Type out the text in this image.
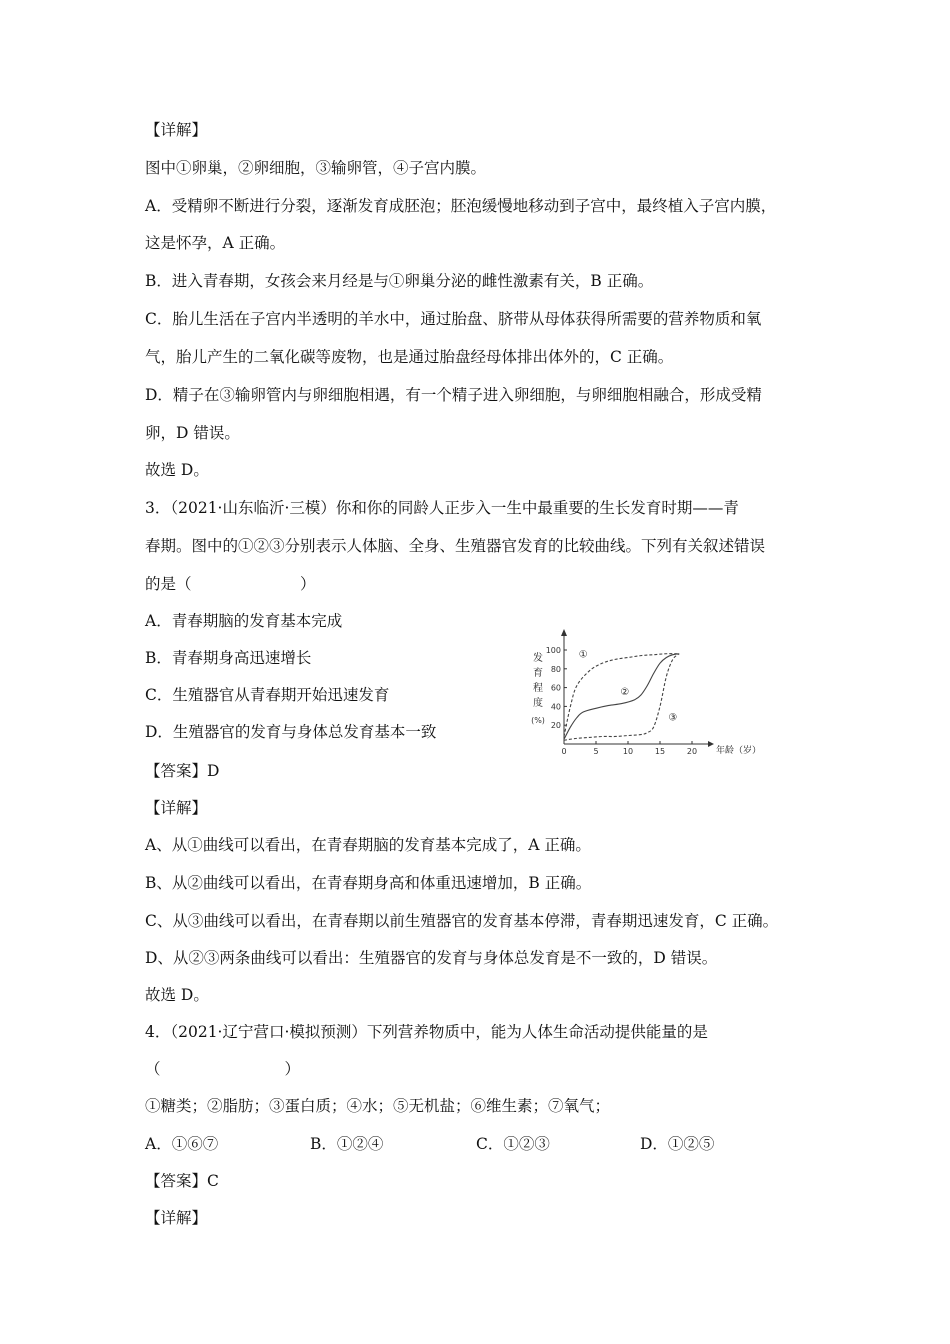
【详解】
图中①卵巢，②卵细胞，③输卵管，④子宫内膜。
A．受精卵不断进行分裂，逐渐发育成胚泡；胚泡缓慢地移动到子宫中，最终植入子宫内膜，
这是怀孕，A 正确。
B．进入青春期，女孩会来月经是与①卵巢分泌的雌性激素有关，B 正确。
C．胎儿生活在子宫内半透明的羊水中，通过胎盘、脐带从母体获得所需要的营养物质和氧
气，胎儿产生的二氧化碳等废物，也是通过胎盘经母体排出体外的，C 正确。
D．精子在③输卵管内与卵细胞相遇，有一个精子进入卵细胞，与卵细胞相融合，形成受精
卵，D 错误。
故选 D。
3．（2021·山东临沂·三模）你和你的同龄人正步入一生中最重要的生长发育时期——青
春期。图中的①②③分别表示人体脑、全身、生殖器官发育的比较曲线。下列有关叙述错误
的是（　　　　　　　）
A．青春期脑的发育基本完成
B．青春期身高迅速增长
C．生殖器官从青春期开始迅速发育
D．生殖器官的发育与身体总发育基本一致
0	5	10	15	20
20
40
60
80
100
发
育
程
度
(%)
年龄（岁）
①
②
③
【答案】D
【详解】
A、从①曲线可以看出，在青春期脑的发育基本完成了，A 正确。
B、从②曲线可以看出，在青春期身高和体重迅速增加，B 正确。
C、从③曲线可以看出，在青春期以前生殖器官的发育基本停滞，青春期迅速发育，C 正确。
D、从②③两条曲线可以看出：生殖器官的发育与身体总发育是不一致的，D 错误。
故选 D。
4．（2021·辽宁营口·模拟预测）下列营养物质中，能为人体生命活动提供能量的是
（　　　　　　　　）
①糖类；②脂肪；③蛋白质；④水；⑤无机盐；⑥维生素；⑦氧气；
A．①⑥⑦	B．①②④	C．①②③	D．①②⑤
【答案】C
【详解】
